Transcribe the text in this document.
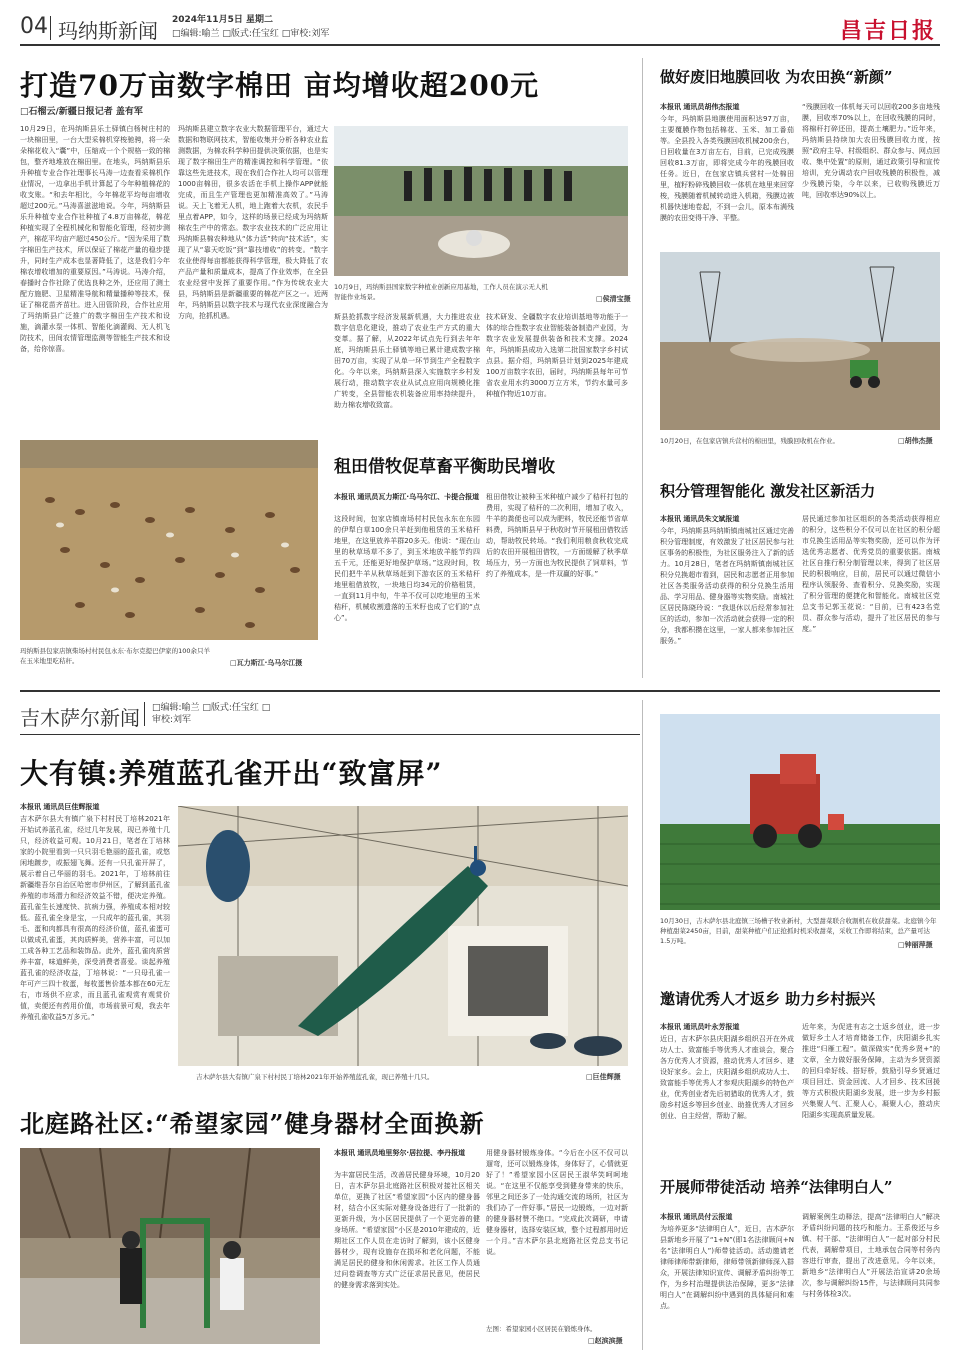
04 玛纳斯新闻 2024年11月5日 星期二
□编辑:喻兰 □版式:任宝红 □审校:刘军	昌吉日报
打造70万亩数字棉田 亩均增收超200元
□石榴云/新疆日报记者 盖有军
10月29日，在玛纳斯县乐土驿镇白杨树庄村的一块棉田里，一台大型采棉机穿梭驰骋，将一朵朵棉花收入“囊”中，压缩成一个个规格一致的棉包，整齐地堆放在棉田里。在地头，玛纳斯县乐升种植专业合作社理事长马涛一边查看采棉机作业情况，一边拿出手机计算起了今年种植棉花的收支账。“和去年相比，今年棉花平均每亩增收超过200元。”马涛喜滋滋地说。今年，玛纳斯县乐升种植专业合作社种植了4.8万亩棉花，棉花种植实现了全程机械化和智能化管理，经初步测产，棉花平均亩产超过450公斤。“因为采用了数字棉田生产技术，所以保证了棉花产量的稳步提升，同时生产成本也显著降低了，这是我们今年棉农增收增加的重要原因。”马涛说。马涛介绍，春播时合作社除了优选良种之外，还应用了测土配方施肥、卫星精准导航和精量播种等技术，保证了棉花苗齐苗壮。进入田管阶段，合作社应用了玛纳斯县广泛推广的数字棉田生产技术和设施，滴灌水泵一体机、智能化滴灌阀、无人机飞防技术，田间农情管理监测等智能生产技术和设备，给你惊喜。
玛纳斯县建立数字农业大数据管理平台，通过大数据和物联网技术，智能收集并分析各种农业监测数据，为棉农科学种田提供决策依据，也是实现了数字棉田生产的精准调控和科学管理。“依靠这些先进技术，现在我们合作社人均可以管理1000亩棉田，很多农活在手机上操作APP就能完成，而且生产管理也更加精准高效了。”马涛说。天上飞着无人机，地上跑着大农机，农民手里点着APP，如今，这样的场景已经成为玛纳斯棉农生产中的常态。数字农业技术的广泛应用让玛纳斯县棉农种地从“体力活”转向“技术活”，实现了从“靠天吃饭”到“靠技增收”的转变。“数字农业使得每亩都能获得科学管理，极大降低了农产品产量和质量成本，提高了作业效率，在全县农业经营中发挥了重要作用。”作为传统农业大县，玛纳斯县是新疆重要的棉花产区之一。近两年，玛纳斯县以数字技术与现代农业深度融合为方向，抢抓机遇。
10月9日，玛纳斯县国家数字种植业创新应用基地，工作人员在演示无人机智能作业场景。	□侯清宝摄
斯县抢抓数字经济发展新机遇，大力推进农业数字信息化建设，推动了农业生产方式的重大变革。据了解，从2022年试点先行到去年年底，玛纳斯县乐土驿镇等地已累计建成数字棉田70万亩，实现了从单一环节到生产全程数字化。今年以来，玛纳斯县深入实施数字乡村发展行动，推动数字农业从试点应用向规模化推广转变，全县智能农机装备应用率持续提升，助力棉农增收致富。
技术研发、全疆数字农业培训基地等功能于一体的综合性数字农业智能装备制造产业园，为数字农业发展提供装备和技术支撑。2024年，玛纳斯县成功入选第二批国家数字乡村试点县。据介绍，玛纳斯县计划到2025年建成100万亩数字农田，届时，玛纳斯县每年可节省农业用水约3000万立方米，节约水量可多种植作物近10万亩。
玛纳斯县包家店镇柴场村村民包永东·布尔克提巴伊家的100余只羊在玉米地里吃秸秆。	□瓦力斯江·乌马尔江摄
租田借牧促草畜平衡助民增收
本报讯 通讯员瓦力斯江·乌马尔江、卡提合报道
这段时间，包家店镇南场村村民包永东在东园的伊犁白草100余只羊赶到他租赁的玉米秸秆地里，在这里放养羊群20多天。他说：“现在山里的秋草场草不多了，到玉米地放羊能节约四五千元，还能更好地保护草场。”这段时间，牧民们把牛羊从秋草场赶到下游农区的玉米秸秆地里租借放牧，一块地日均34元的价格租赁，一直到11月中旬，牛羊不仅可以吃地里的玉米秸秆，机械收割遗落的玉米籽也成了它们的“点心”。
租田借牧让被种玉米种植户减少了秸秆打包的费用，实现了秸秆的二次利用，增加了收入，牛羊的粪便也可以成为肥料，牧民还能节省草料费，玛纳斯县早于秋收时节开展租田借牧活动，帮助牧民转场。“我们利用粮食秋收完成后的农田开展租田借牧，一方面缓解了秋季草场压力，另一方面也为牧民提供了饲草料，节约了养殖成本，是一件双赢的好事。”
做好废旧地膜回收 为农田换“新颜”
本报讯 通讯员胡伟杰报道
今年，玛纳斯县地膜使用面积达97万亩，主要覆膜作物包括棉花、玉米、加工番茄等。全县投入各类残膜回收机械200余台，日回收量在3万亩左右，目前，已完成残膜回收81.3万亩，即将完成今年的残膜回收任务。近日，在包家店镇兵营村一处棉田里，植籽粉碎残膜回收一体机在地里来回穿梭，残膜随着机械转动进入机箱，残膜边被机器快速地卷起，不到一会儿，原本布满残膜的农田变得干净、平整。
“残膜回收一体机每天可以回收200多亩地残膜，回收率70%以上，在回收残膜的同时，将棉秆打碎还田，提高土壤肥力。”近年来，玛纳斯县持续加大农田残膜回收力度，按照“政府主导、村级组织、群众参与、网点回收、集中处置”的原则，通过政策引导和宣传培训，充分调动农户回收残膜的积极性，减少残膜污染，今年以来，已收购残膜近万吨，回收率达90%以上。
10月20日，在包家店镇兵营村的棉田里，残膜回收机在作业。	□胡伟杰摄
积分管理智能化 激发社区新活力
本报讯 通讯员朱文斌报道
今年，玛纳斯县玛纳斯镇南城社区通过完善积分管理制度，有效激发了社区居民参与社区事务的积极性，为社区服务注入了新的活力。10月28日，笔者在玛纳斯镇南城社区积分兑换超市看到，居民和志愿者正用参加社区各类服务活动获得的积分兑换生活用品、学习用品、健身器等实物奖励。南城社区居民陈晓玲说：“我退休以后经常参加社区的活动，参加一次活动就会获得一定的积分，我都积攒在这里，一家人都来参加社区服务。”
居民通过参加社区组织的各类活动获得相应的积分，这些积分不仅可以在社区的积分超市兑换生活用品等实物奖励，还可以作为评选优秀志愿者、优秀党员的重要依据。南城社区自推行积分制管理以来，得到了社区居民的积极响应，目前，居民可以通过微信小程序认领服务、查看积分、兑换奖励，实现了积分管理的便捷化和智能化。南城社区党总支书记郭玉花说：“目前，已有423名党员、群众参与活动，提升了社区居民的参与度。”
吉木萨尔新闻 □编辑:喻兰 □版式:任宝红 □审校:刘军
大有镇:养殖蓝孔雀开出“致富屏”
本报讯 通讯员巨佳辉报道
吉木萨尔县大有镇广泉下村村民丁培林2021年开始试养蓝孔雀，经过几年发展，现已养殖十几只，经济收益可观。10月21日，笔者在丁培林家的小院里看到一只只羽毛艳丽的蓝孔雀，或悠闲地踱步，或振翅飞舞。还有一只孔雀开屏了，展示着自己华丽的羽毛。2021年，丁培林前往新疆维吾尔自治区哈密市伊州区，了解到蓝孔雀养殖的市场潜力和经济效益不错，便决定养殖。蓝孔雀生长速度快、抗病力强，养殖成本相对较低。蓝孔雀全身是宝，一只成年的蓝孔雀，其羽毛、蛋和肉都具有很高的经济价值，蓝孔雀蛋可以做成孔雀蛋，其肉质鲜美，营养丰富，可以加工成各种工艺品和装饰品。此外，蓝孔雀肉质营养丰富，味道鲜美，深受消费者喜爱。谈起养殖蓝孔雀的经济收益，丁培林说：“一只母孔雀一年可产三四十枚蛋，每枚蛋售价基本都在60元左右，市场供不应求，而且蓝孔雀观赏有观赏价值，卖便还有药用价值，市场前景可观，我去年养殖孔雀收益5万多元。”
吉木萨尔县大有镇广泉下村村民丁培林2021年开始养殖蓝孔雀，现已养殖十几只。	□巨佳辉摄
10月30日，吉木萨尔县北庭镇三场槽子牧业新村，大型甜菜联合收割机在收获甜菜。北庭镇今年种植甜菜2450亩，目前，甜菜种植户们正抢抓时机采收甜菜，采收工作即将结束，总产量可达1.5万吨。	□钟丽萍摄
邀请优秀人才返乡 助力乡村振兴
本报讯 通讯员叶永芳报道
近日，吉木萨尔县庆阳湖乡组织召开在外成功人士、致富能手等优秀人才座谈会，聚合各方优秀人才资源，推动优秀人才回乡、建设好家乡。会上，庆阳湖乡组织成功人士、致富能手等优秀人才参观庆阳湖乡的特色产业，优秀创业者先后初猎取的优秀人才，鼓励乡村返乡等回乡创业、助推优秀人才回乡创业、自主经营，帮助了解。
近年来，为促进有志之士返乡创业，进一步做好乡土人才培育储备工作，庆阳湖乡扎实推进“归雁工程”。做深做实“优秀乡贤+”的文章，全力做好服务保障，主动为乡贤资源的回归牵好线、搭好桥，鼓励引导乡贤通过项目回迁、资金回流、人才回乡、技术回援等方式积极庆阳湖乡发展，进一步为乡村振兴集聚人气、汇聚人心，凝聚人心，推动庆阳湖乡实现高质量发展。
开展师带徒活动 培养“法律明白人”
本报讯 通讯员付云报道
为培养更多“法律明白人”，近日，吉木萨尔县新地乡开展了“1+N”(即1名法律顾问+N名“法律明白人”)师带徒活动。活动邀请老律师律师带新律师，律师带领新律师深入群众，开展法律知识宣传、调解矛盾纠纷等工作，为乡村治理提供法治保障，更多“法律明白人”在调解纠纷中遇到的具体疑问和难点。
调解案例生动释法，提高“法律明白人”解决矛盾纠纷问题的技巧和能力。王系俊还与乡镇、村干部、“法律明白人”一起对部分村民代表，调解带项目，土地承包合同等村务内容进行审查，提出了改进意见。今年以来，新地乡“法律明白人”开展法治宣讲20余场次，参与调解纠纷15件，与法律顾问共同参与村务体检3次。
北庭路社区:“希望家园”健身器材全面换新
本报讯 通讯员地里努尔·居拉提、李丹报道
为丰富居民生活，改善居民健身环境，10月20日，吉木萨尔县北庭路社区积极对接社区相关单位，更换了社区“希望家园”小区内的健身器材，结合小区实际对健身设备进行了一批新的更新升级，为小区居民提供了一个更完善的健身场所。“希望家园”小区是2010年建成的，近期社区工作人员在走访时了解到，该小区健身器材少，现有设施存在损坏和老化问题，不能满足居民的健身和休闲需求。社区工作人员通过问卷调查等方式广泛征求居民意见，使居民的健身需求落到实处。
用健身器材锻炼身体。“今后在小区不仅可以遛弯，还可以锻炼身体，身体好了，心情就更好了！”希望家园小区居民王淑华笑呵呵地说。“在这里不仅能享受到健身带来的快乐，邻里之间还多了一处沟通交流的场所，社区为我们办了一件好事。”居民一边锻炼，一边对新的健身器材赞不绝口。“完成此次调研，申请健身器材，选择安装区域，整个过程都用时近一个月。”吉木萨尔县北庭路社区党总支书记说。
左图：希望家园小区居民在锻炼身体。
□赵滨滨摄
